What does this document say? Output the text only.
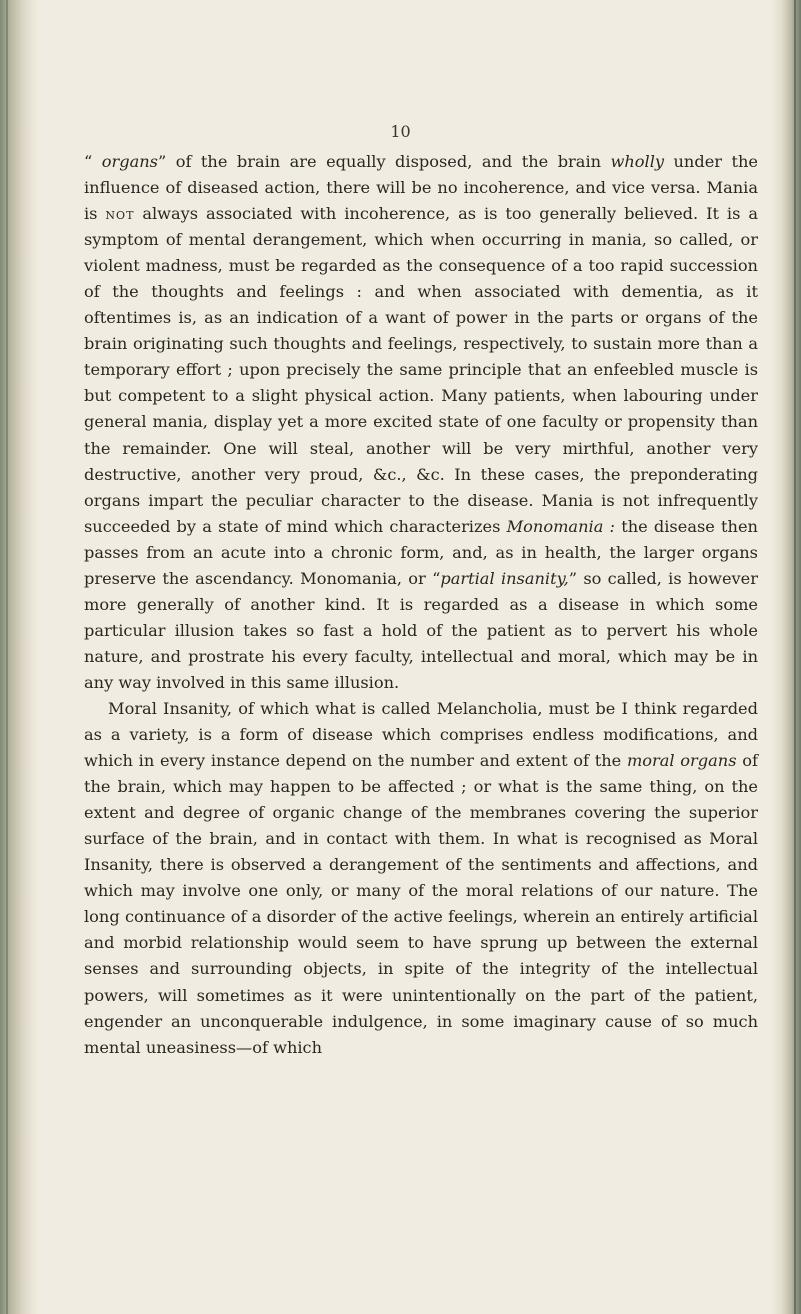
10

“ organs” of the brain are equally disposed, and the brain wholly under the influence of diseased action, there will be no incoherence, and vice versa. Mania is not always associated with incoherence, as is too generally believed. It is a symptom of mental derangement, which when occurring in mania, so called, or violent madness, must be regarded as the consequence of a too rapid succession of the thoughts and feelings : and when associated with dementia, as it oftentimes is, as an indication of a want of power in the parts or organs of the brain originating such thoughts and feelings, respectively, to sustain more than a temporary effort ; upon precisely the same principle that an enfeebled muscle is but competent to a slight physical action. Many patients, when labouring under general mania, display yet a more excited state of one faculty or propensity than the remainder. One will steal, another will be very mirthful, another very destructive, another very proud, &c., &c. In these cases, the preponderating organs impart the peculiar character to the disease. Mania is not infrequently succeeded by a state of mind which characterizes Monomania : the disease then passes from an acute into a chronic form, and, as in health, the larger organs preserve the ascendancy. Monomania, or “partial insanity,” so called, is however more generally of another kind. It is regarded as a disease in which some particular illusion takes so fast a hold of the patient as to pervert his whole nature, and prostrate his every faculty, intellectual and moral, which may be in any way involved in this same illusion.

Moral Insanity, of which what is called Melancholia, must be I think regarded as a variety, is a form of disease which comprises endless modifications, and which in every instance depend on the number and extent of the moral organs of the brain, which may happen to be affected ; or what is the same thing, on the extent and degree of organic change of the membranes covering the superior surface of the brain, and in contact with them. In what is recognised as Moral Insanity, there is observed a derangement of the sentiments and affections, and which may involve one only, or many of the moral relations of our nature. The long continuance of a disorder of the active feelings, wherein an entirely artificial and morbid relationship would seem to have sprung up between the external senses and surrounding objects, in spite of the integrity of the intellectual powers, will sometimes as it were unintentionally on the part of the patient, engender an unconquerable indulgence, in some imaginary cause of so much mental uneasiness—of which
